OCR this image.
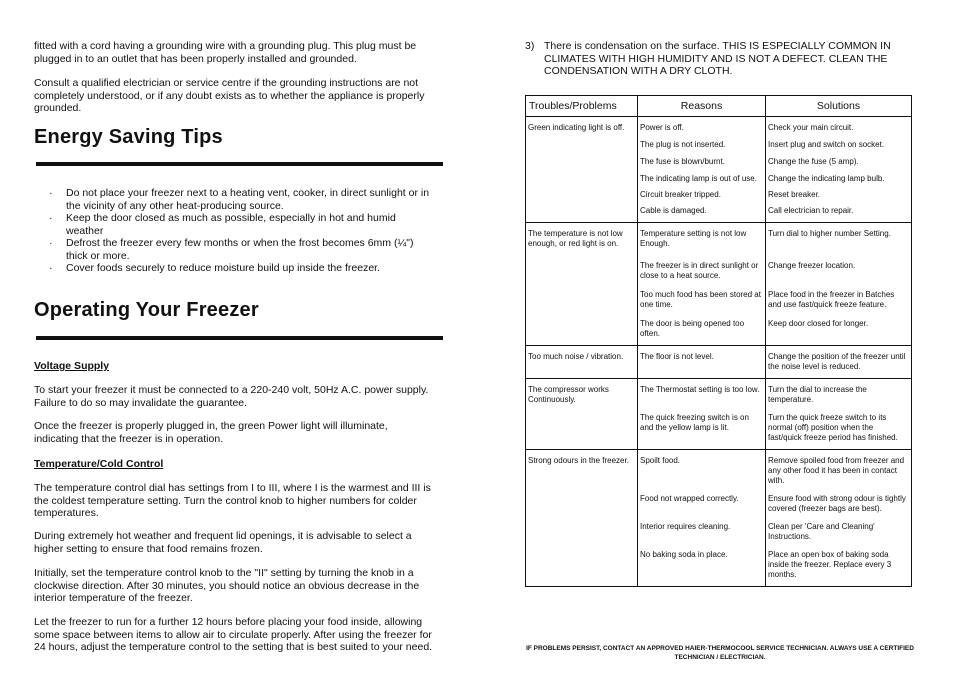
fitted with a cord having a grounding wire with a grounding plug. This plug must be plugged in to an outlet that has been properly installed and grounded.

Consult a qualified electrician or service centre if the grounding instructions are not completely understood, or if any doubt exists as to whether the appliance is properly grounded.

Energy Saving Tips
· Do not place your freezer next to a heating vent, cooker, in direct sunlight or in the vicinity of any other heat-producing source.
· Keep the door closed as much as possible, especially in hot and humid weather
· Defrost the freezer every few months or when the frost becomes 6mm (¼") thick or more.
· Cover foods securely to reduce moisture build up inside the freezer.
Operating Your Freezer

Voltage Supply

To start your freezer it must be connected to a 220-240 volt, 50Hz A.C. power supply. Failure to do so may invalidate the guarantee.

Once the freezer is properly plugged in, the green Power light will illuminate, indicating that the freezer is in operation.

Temperature/Cold Control

The temperature control dial has settings from I to III, where I is the warmest and III is the coldest temperature setting. Turn the control knob to higher numbers for colder temperatures.

During extremely hot weather and frequent lid openings, it is advisable to select a higher setting to ensure that food remains frozen.

Initially, set the temperature control knob to the "II" setting by turning the knob in a clockwise direction. After 30 minutes, you should notice an obvious decrease in the interior temperature of the freezer.

Let the freezer to run for a further 12 hours before placing your food inside, allowing some space between items to allow air to circulate properly. After using the freezer for 24 hours, adjust the temperature control to the setting that is best suited to your need.

3) There is condensation on the surface. THIS IS ESPECIALLY COMMON IN CLIMATES WITH HIGH HUMIDITY AND IS NOT A DEFECT. CLEAN THE CONDENSATION WITH A DRY CLOTH.
Troubles/Problems	Reasons	Solutions
Green indicating light is off.	Power is off.	Check your main circuit.
	The plug is not inserted.	Insert plug and switch on socket.
	The fuse is blown/burnt.	Change the fuse (5 amp).
	The indicating lamp is out of use.	Change the indicating lamp bulb.
	Circuit breaker tripped.	Reset breaker.
	Cable is damaged.	Call electrician to repair.
The temperature is not low enough, or red light is on.	Temperature setting is not low Enough.	Turn dial to higher number Setting.
	The freezer is in direct sunlight or close to a heat source.	Change freezer location.
	Too much food has been stored at one time.	Place food in the freezer in Batches and use fast/quick freeze feature.
	The door is being opened too often.	Keep door closed for longer.
Too much noise / vibration.	The floor is not level.	Change the position of the freezer until the noise level is reduced.
The compressor works Continuously.	The Thermostat setting is too low.	Turn the dial to increase the temperature.
	The quick freezing switch is on and the yellow lamp is lit.	Turn the quick freeze switch to its normal (off) position when the fast/quick freeze period has finished.
Strong odours in the freezer.	Spoilt food.	Remove spoiled food from freezer and any other food it has been in contact with.
	Food not wrapped correctly.	Ensure food with strong odour is tightly covered (freezer bags are best).
	Interior requires cleaning.	Clean per 'Care and Cleaning' Instructions.
	No baking soda in place.	Place an open box of baking soda inside the freezer. Replace every 3 months.
IF PROBLEMS PERSIST, CONTACT AN APPROVED HAIER-THERMOCOOL SERVICE TECHNICIAN. ALWAYS USE A CERTIFIED TECHNICIAN / ELECTRICIAN.
